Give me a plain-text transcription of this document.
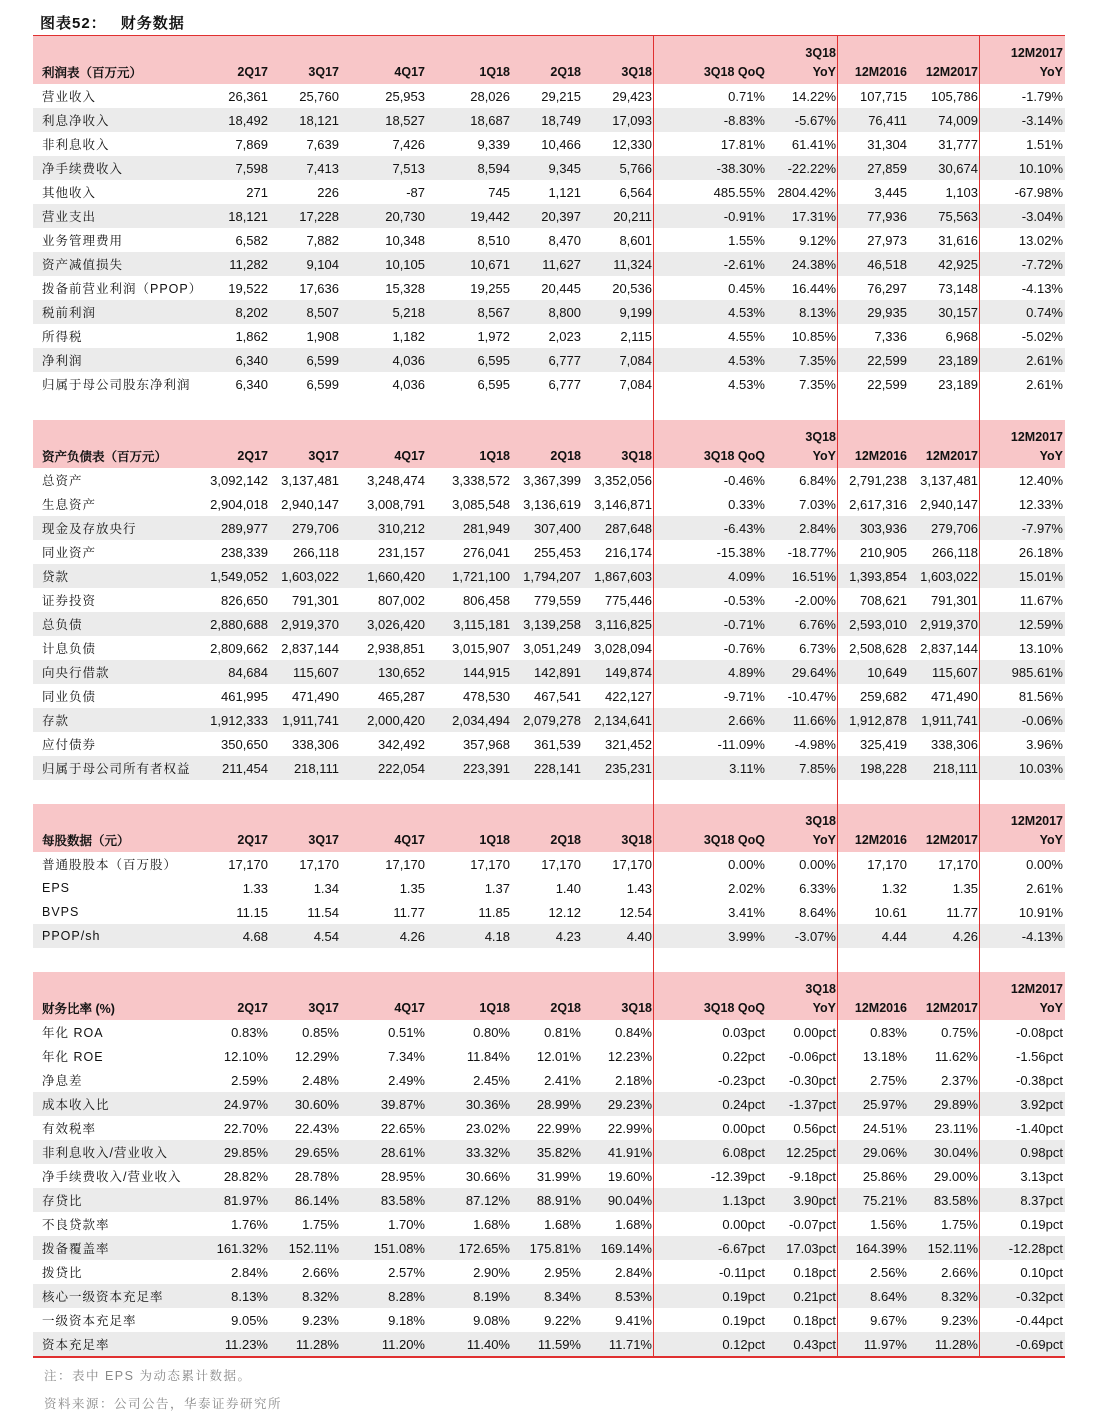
图表52： 财务数据
								3Q18			12M2017
利润表（百万元）	2Q17	3Q17	4Q17	1Q18	2Q18	3Q18	3Q18 QoQ	YoY	12M2016	12M2017	YoY
营业收入	26,361	25,760	25,953	28,026	29,215	29,423	0.71%	14.22%	107,715	105,786	-1.79%
利息净收入	18,492	18,121	18,527	18,687	18,749	17,093	-8.83%	-5.67%	76,411	74,009	-3.14%
非利息收入	7,869	7,639	7,426	9,339	10,466	12,330	17.81%	61.41%	31,304	31,777	1.51%
净手续费收入	7,598	7,413	7,513	8,594	9,345	5,766	-38.30%	-22.22%	27,859	30,674	10.10%
其他收入	271	226	-87	745	1,121	6,564	485.55%	2804.42%	3,445	1,103	-67.98%
营业支出	18,121	17,228	20,730	19,442	20,397	20,211	-0.91%	17.31%	77,936	75,563	-3.04%
业务管理费用	6,582	7,882	10,348	8,510	8,470	8,601	1.55%	9.12%	27,973	31,616	13.02%
资产减值损失	11,282	9,104	10,105	10,671	11,627	11,324	-2.61%	24.38%	46,518	42,925	-7.72%
拨备前营业利润（PPOP）	19,522	17,636	15,328	19,255	20,445	20,536	0.45%	16.44%	76,297	73,148	-4.13%
税前利润	8,202	8,507	5,218	8,567	8,800	9,199	4.53%	8.13%	29,935	30,157	0.74%
所得税	1,862	1,908	1,182	1,972	2,023	2,115	4.55%	10.85%	7,336	6,968	-5.02%
净利润	6,340	6,599	4,036	6,595	6,777	7,084	4.53%	7.35%	22,599	23,189	2.61%
归属于母公司股东净利润	6,340	6,599	4,036	6,595	6,777	7,084	4.53%	7.35%	22,599	23,189	2.61%
								3Q18			12M2017
资产负债表（百万元）	2Q17	3Q17	4Q17	1Q18	2Q18	3Q18	3Q18 QoQ	YoY	12M2016	12M2017	YoY
总资产	3,092,142	3,137,481	3,248,474	3,338,572	3,367,399	3,352,056	-0.46%	6.84%	2,791,238	3,137,481	12.40%
生息资产	2,904,018	2,940,147	3,008,791	3,085,548	3,136,619	3,146,871	0.33%	7.03%	2,617,316	2,940,147	12.33%
现金及存放央行	289,977	279,706	310,212	281,949	307,400	287,648	-6.43%	2.84%	303,936	279,706	-7.97%
同业资产	238,339	266,118	231,157	276,041	255,453	216,174	-15.38%	-18.77%	210,905	266,118	26.18%
贷款	1,549,052	1,603,022	1,660,420	1,721,100	1,794,207	1,867,603	4.09%	16.51%	1,393,854	1,603,022	15.01%
证券投资	826,650	791,301	807,002	806,458	779,559	775,446	-0.53%	-2.00%	708,621	791,301	11.67%
总负债	2,880,688	2,919,370	3,026,420	3,115,181	3,139,258	3,116,825	-0.71%	6.76%	2,593,010	2,919,370	12.59%
计息负债	2,809,662	2,837,144	2,938,851	3,015,907	3,051,249	3,028,094	-0.76%	6.73%	2,508,628	2,837,144	13.10%
向央行借款	84,684	115,607	130,652	144,915	142,891	149,874	4.89%	29.64%	10,649	115,607	985.61%
同业负债	461,995	471,490	465,287	478,530	467,541	422,127	-9.71%	-10.47%	259,682	471,490	81.56%
存款	1,912,333	1,911,741	2,000,420	2,034,494	2,079,278	2,134,641	2.66%	11.66%	1,912,878	1,911,741	-0.06%
应付债券	350,650	338,306	342,492	357,968	361,539	321,452	-11.09%	-4.98%	325,419	338,306	3.96%
归属于母公司所有者权益	211,454	218,111	222,054	223,391	228,141	235,231	3.11%	7.85%	198,228	218,111	10.03%
								3Q18			12M2017
每股数据（元）	2Q17	3Q17	4Q17	1Q18	2Q18	3Q18	3Q18 QoQ	YoY	12M2016	12M2017	YoY
普通股股本（百万股）	17,170	17,170	17,170	17,170	17,170	17,170	0.00%	0.00%	17,170	17,170	0.00%
EPS	1.33	1.34	1.35	1.37	1.40	1.43	2.02%	6.33%	1.32	1.35	2.61%
BVPS	11.15	11.54	11.77	11.85	12.12	12.54	3.41%	8.64%	10.61	11.77	10.91%
PPOP/sh	4.68	4.54	4.26	4.18	4.23	4.40	3.99%	-3.07%	4.44	4.26	-4.13%
								3Q18			12M2017
财务比率 (%)	2Q17	3Q17	4Q17	1Q18	2Q18	3Q18	3Q18 QoQ	YoY	12M2016	12M2017	YoY
年化 ROA	0.83%	0.85%	0.51%	0.80%	0.81%	0.84%	0.03pct	0.00pct	0.83%	0.75%	-0.08pct
年化 ROE	12.10%	12.29%	7.34%	11.84%	12.01%	12.23%	0.22pct	-0.06pct	13.18%	11.62%	-1.56pct
净息差	2.59%	2.48%	2.49%	2.45%	2.41%	2.18%	-0.23pct	-0.30pct	2.75%	2.37%	-0.38pct
成本收入比	24.97%	30.60%	39.87%	30.36%	28.99%	29.23%	0.24pct	-1.37pct	25.97%	29.89%	3.92pct
有效税率	22.70%	22.43%	22.65%	23.02%	22.99%	22.99%	0.00pct	0.56pct	24.51%	23.11%	-1.40pct
非利息收入/营业收入	29.85%	29.65%	28.61%	33.32%	35.82%	41.91%	6.08pct	12.25pct	29.06%	30.04%	0.98pct
净手续费收入/营业收入	28.82%	28.78%	28.95%	30.66%	31.99%	19.60%	-12.39pct	-9.18pct	25.86%	29.00%	3.13pct
存贷比	81.97%	86.14%	83.58%	87.12%	88.91%	90.04%	1.13pct	3.90pct	75.21%	83.58%	8.37pct
不良贷款率	1.76%	1.75%	1.70%	1.68%	1.68%	1.68%	0.00pct	-0.07pct	1.56%	1.75%	0.19pct
拨备覆盖率	161.32%	152.11%	151.08%	172.65%	175.81%	169.14%	-6.67pct	17.03pct	164.39%	152.11%	-12.28pct
拨贷比	2.84%	2.66%	2.57%	2.90%	2.95%	2.84%	-0.11pct	0.18pct	2.56%	2.66%	0.10pct
核心一级资本充足率	8.13%	8.32%	8.28%	8.19%	8.34%	8.53%	0.19pct	0.21pct	8.64%	8.32%	-0.32pct
一级资本充足率	9.05%	9.23%	9.18%	9.08%	9.22%	9.41%	0.19pct	0.18pct	9.67%	9.23%	-0.44pct
资本充足率	11.23%	11.28%	11.20%	11.40%	11.59%	11.71%	0.12pct	0.43pct	11.97%	11.28%	-0.69pct
注：表中 EPS 为动态累计数据。
资料来源：公司公告，华泰证券研究所
